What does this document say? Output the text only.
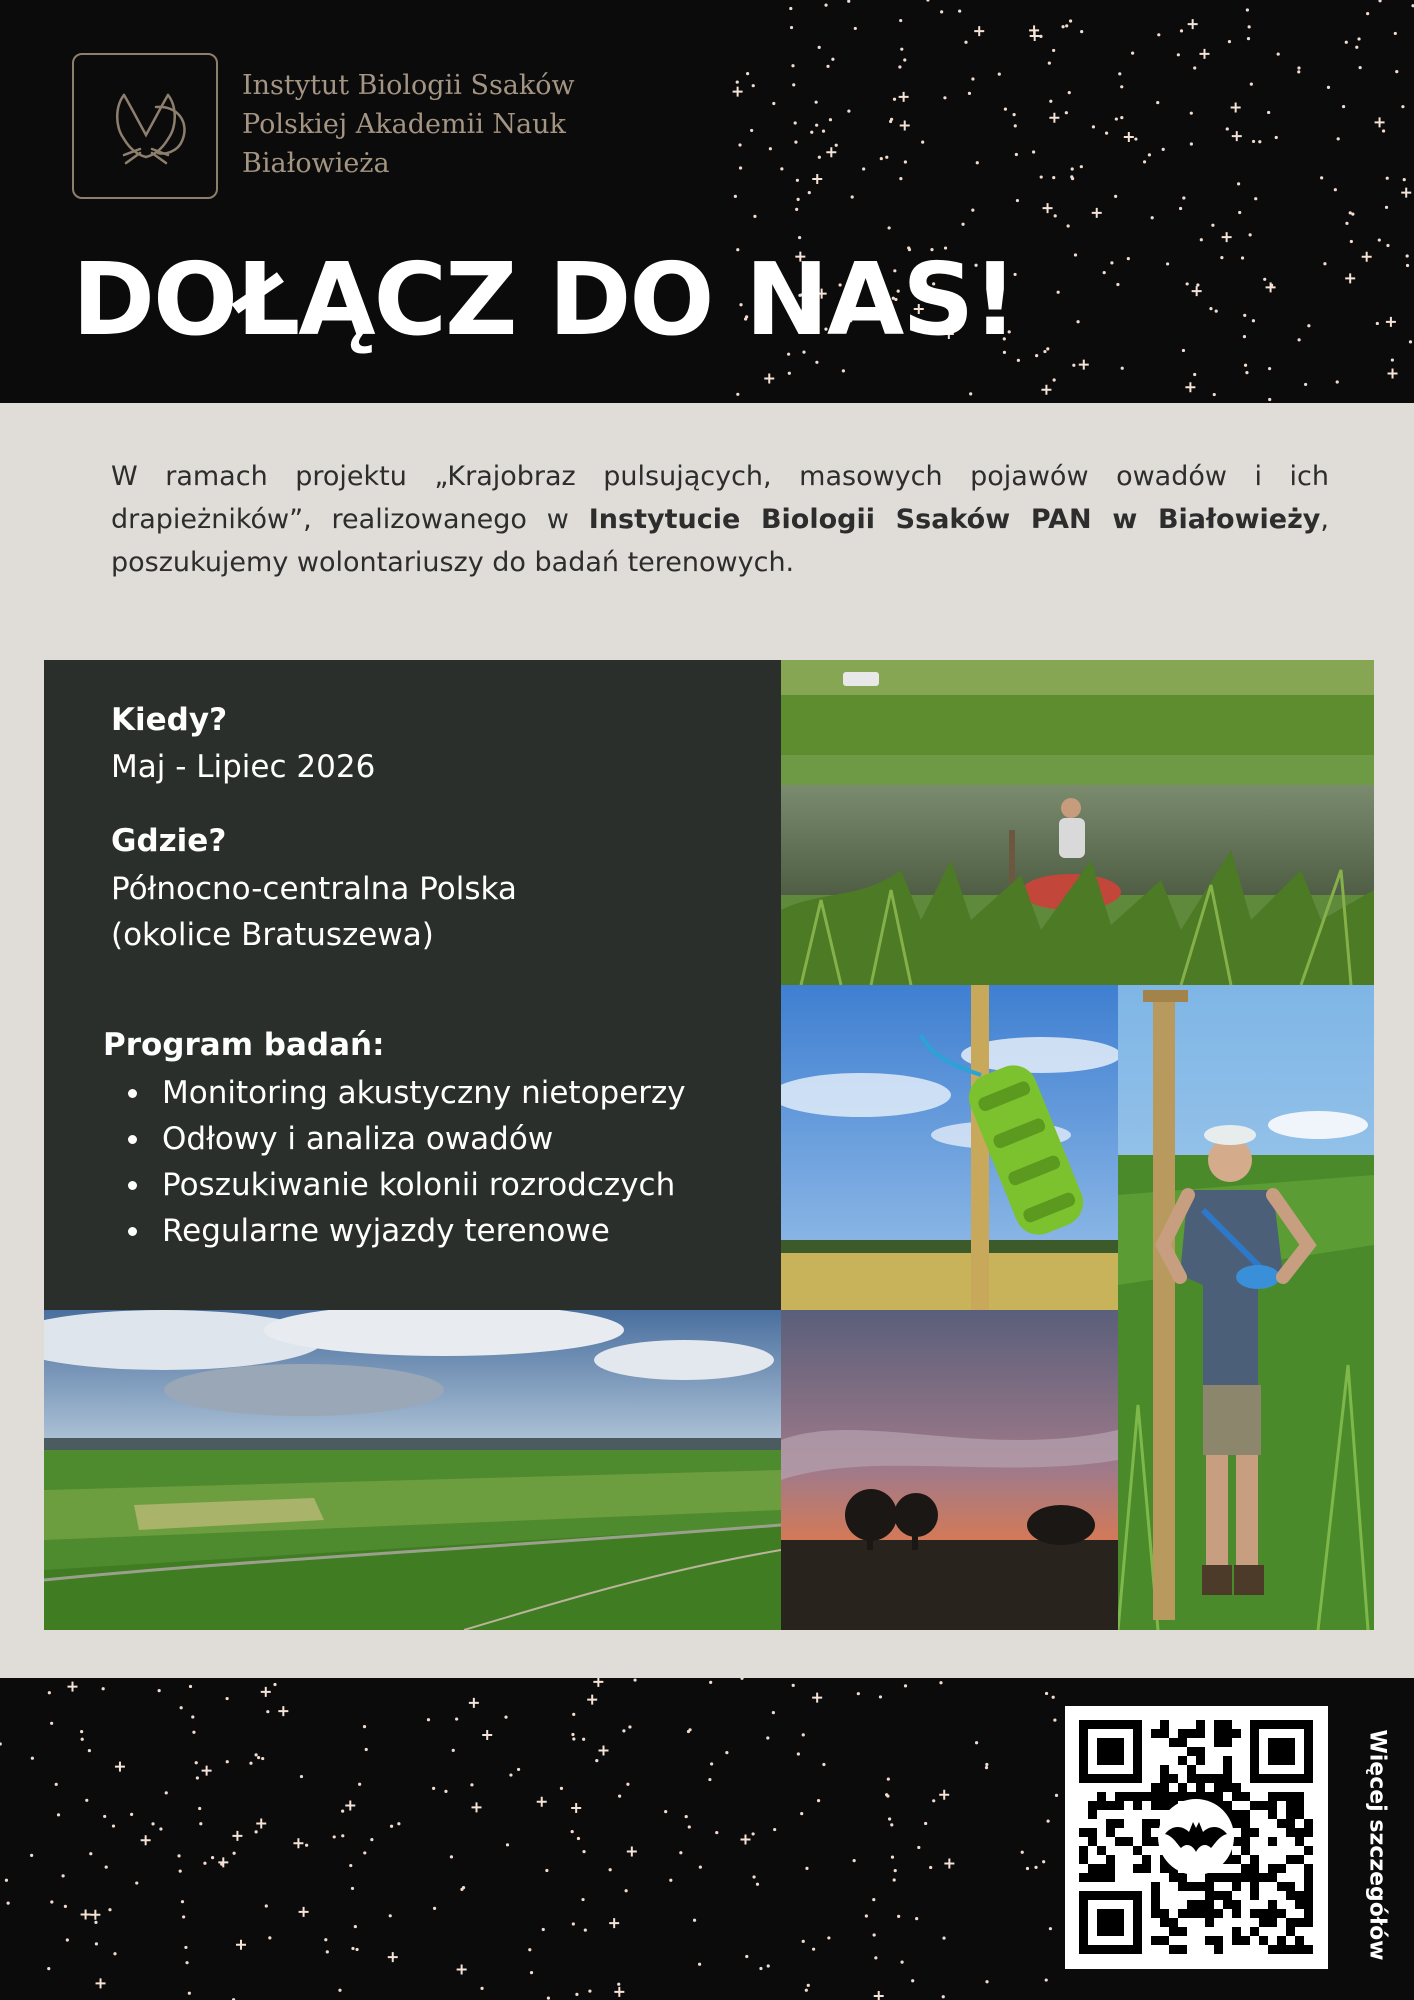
Instytut Biologii Ssaków
Polskiej Akademii Nauk
Białowieża
DOŁĄCZ DO NAS!
W ramach projektu „Krajobraz pulsujących, masowych pojawów owadów i ich drapieżników”, realizowanego w Instytucie Biologii Ssaków PAN w Białowieży, poszukujemy wolontariuszy do badań terenowych.
Kiedy?
Maj - Lipiec 2026
Gdzie?
Północno-centralna Polska
(okolice Bratuszewa)
Program badań:
Monitoring akustyczny nietoperzy
Odłowy i analiza owadów
Poszukiwanie kolonii rozrodczych
Regularne wyjazdy terenowe
Więcej szczegółów
